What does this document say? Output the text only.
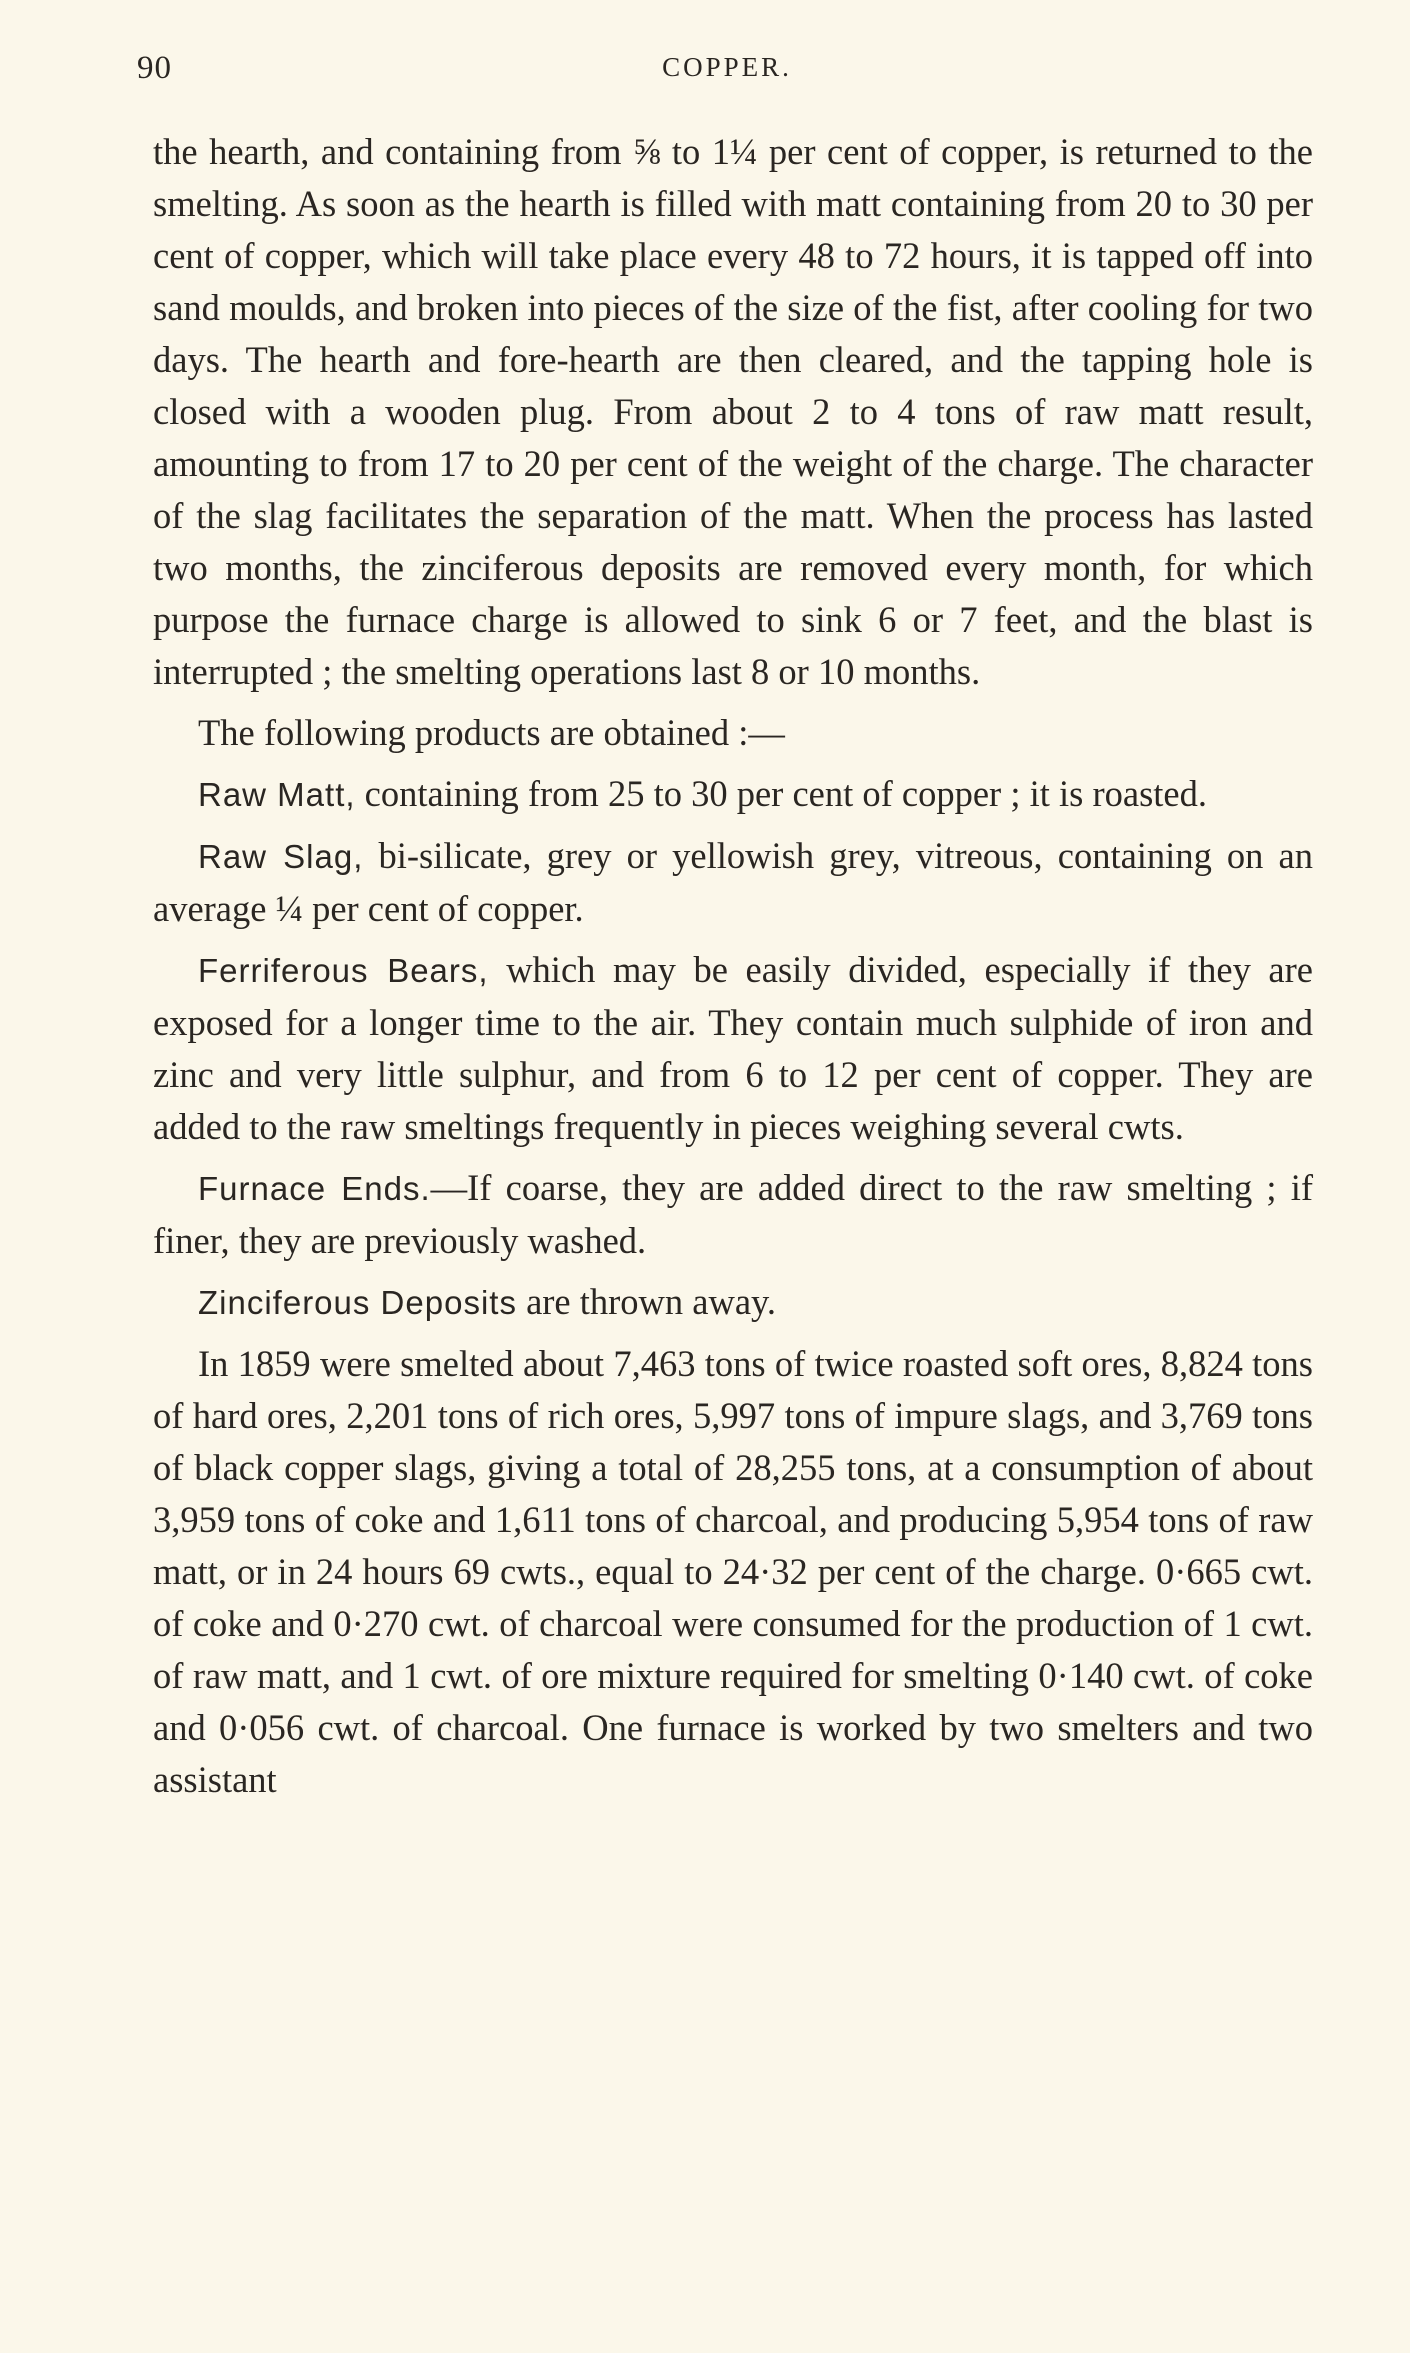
90	COPPER.

the hearth, and containing from ⅝ to 1¼ per cent of copper, is returned to the smelting. As soon as the hearth is filled with matt containing from 20 to 30 per cent of copper, which will take place every 48 to 72 hours, it is tapped off into sand moulds, and broken into pieces of the size of the fist, after cooling for two days. The hearth and fore-hearth are then cleared, and the tapping hole is closed with a wooden plug. From about 2 to 4 tons of raw matt result, amounting to from 17 to 20 per cent of the weight of the charge. The character of the slag facilitates the separation of the matt. When the process has lasted two months, the zinciferous deposits are removed every month, for which purpose the furnace charge is allowed to sink 6 or 7 feet, and the blast is interrupted ; the smelting operations last 8 or 10 months.

The following products are obtained :—

Raw Matt, containing from 25 to 30 per cent of copper ; it is roasted.

Raw Slag, bi-silicate, grey or yellowish grey, vitreous, containing on an average ¼ per cent of copper.

Ferriferous Bears, which may be easily divided, especially if they are exposed for a longer time to the air. They contain much sulphide of iron and zinc and very little sulphur, and from 6 to 12 per cent of copper. They are added to the raw smeltings frequently in pieces weighing several cwts.

Furnace Ends.—If coarse, they are added direct to the raw smelting ; if finer, they are previously washed.

Zinciferous Deposits are thrown away.

In 1859 were smelted about 7,463 tons of twice roasted soft ores, 8,824 tons of hard ores, 2,201 tons of rich ores, 5,997 tons of impure slags, and 3,769 tons of black copper slags, giving a total of 28,255 tons, at a consumption of about 3,959 tons of coke and 1,611 tons of charcoal, and producing 5,954 tons of raw matt, or in 24 hours 69 cwts., equal to 24·32 per cent of the charge. 0·665 cwt. of coke and 0·270 cwt. of charcoal were consumed for the production of 1 cwt. of raw matt, and 1 cwt. of ore mixture required for smelting 0·140 cwt. of coke and 0·056 cwt. of charcoal. One furnace is worked by two smelters and two assistant
